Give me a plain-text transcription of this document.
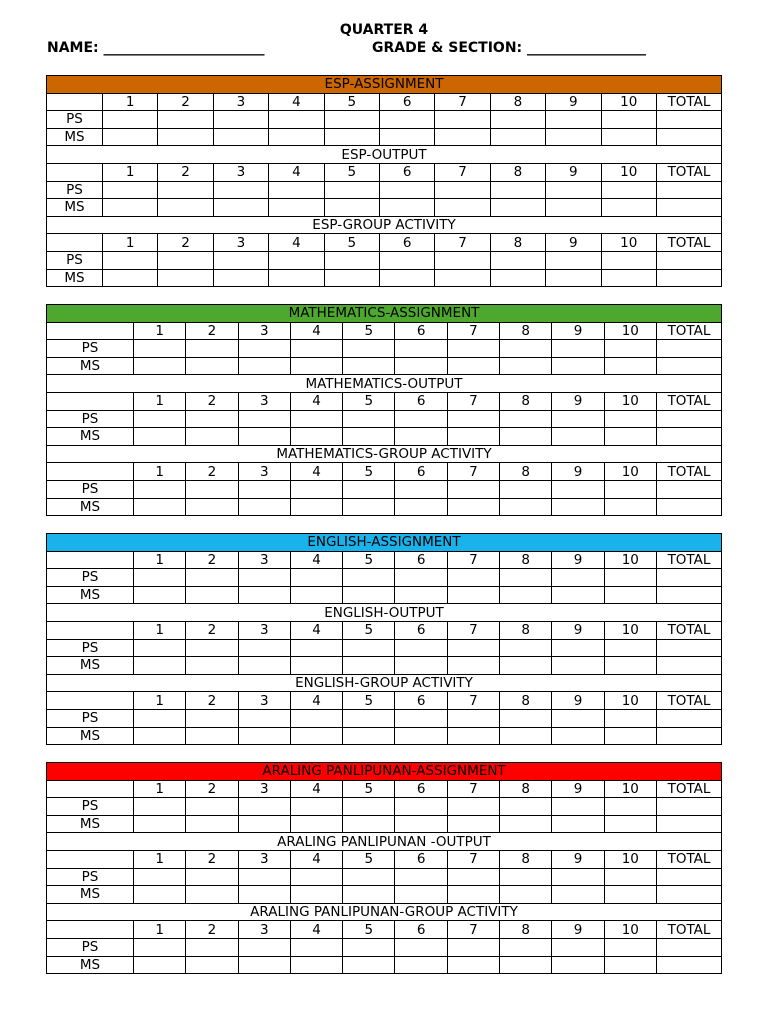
QUARTER 4
NAME: _______________________	GRADE & SECTION: _________________
ESP-ASSIGNMENT											
	1	2	3	4	5	6	7	8	9	10	TOTAL
PS											
MS											
ESP-OUTPUT											
	1	2	3	4	5	6	7	8	9	10	TOTAL
PS											
MS											
ESP-GROUP ACTIVITY											
	1	2	3	4	5	6	7	8	9	10	TOTAL
PS											
MS											
MATHEMATICS-ASSIGNMENT											
	1	2	3	4	5	6	7	8	9	10	TOTAL
PS											
MS											
MATHEMATICS-OUTPUT											
	1	2	3	4	5	6	7	8	9	10	TOTAL
PS											
MS											
MATHEMATICS-GROUP ACTIVITY											
	1	2	3	4	5	6	7	8	9	10	TOTAL
PS											
MS											
ENGLISH-ASSIGNMENT											
	1	2	3	4	5	6	7	8	9	10	TOTAL
PS											
MS											
ENGLISH-OUTPUT											
	1	2	3	4	5	6	7	8	9	10	TOTAL
PS											
MS											
ENGLISH-GROUP ACTIVITY											
	1	2	3	4	5	6	7	8	9	10	TOTAL
PS											
MS											
ARALING PANLIPUNAN-ASSIGNMENT											
	1	2	3	4	5	6	7	8	9	10	TOTAL
PS											
MS											
ARALING PANLIPUNAN -OUTPUT											
	1	2	3	4	5	6	7	8	9	10	TOTAL
PS											
MS											
ARALING PANLIPUNAN-GROUP ACTIVITY											
	1	2	3	4	5	6	7	8	9	10	TOTAL
PS											
MS											
